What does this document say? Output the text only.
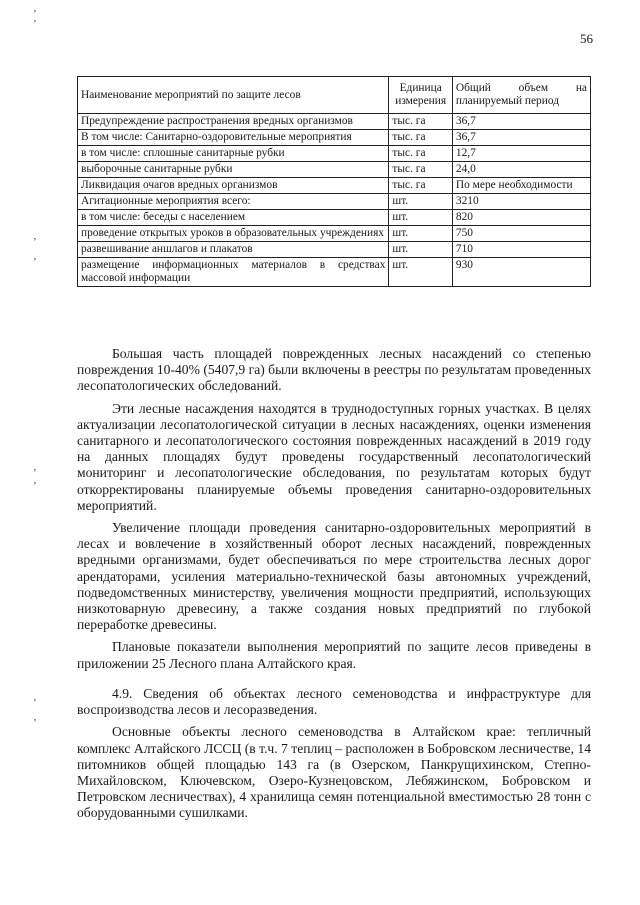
56
ʼ
ʼ
ʼ
ʼ
ʼ
ʼ
ʼ
ʼ
Наименование мероприятий по защите лесов	Единица измерения	Общий объем на планируемый период
Предупреждение распространения вредных организмов	тыс. га	36,7
В том числе: Санитарно-оздоровительные мероприятия	тыс. га	36,7
в том числе: сплошные санитарные рубки	тыс. га	12,7
выборочные санитарные рубки	тыс. га	24,0
Ликвидация очагов вредных организмов	тыс. га	По мере необходимости
Агитационные мероприятия всего:	шт.	3210
в том числе: беседы с населением	шт.	820
проведение открытых уроков в образовательных учреждениях	шт.	750
развешивание аншлагов и плакатов	шт.	710
размещение информационных материалов в средствах массовой информации	шт.	930

Большая часть площадей поврежденных лесных насаждений со степенью повреждения 10-40% (5407,9 га) были включены в реестры по результатам проведенных лесопатологических обследований.

Эти лесные насаждения находятся в труднодоступных горных участках. В целях актуализации лесопатологической ситуации в лесных насаждениях, оценки изменения санитарного и лесопатологического состояния поврежденных насаждений в 2019 году на данных площадях будут проведены государственный лесопатологический мониторинг и лесопатологические обследования, по результатам которых будут откорректированы планируемые объемы проведения санитарно-оздоровительных мероприятий.

Увеличение площади проведения санитарно-оздоровительных мероприятий в лесах и вовлечение в хозяйственный оборот лесных насаждений, поврежденных вредными организмами, будет обеспечиваться по мере строительства лесных дорог арендаторами, усиления материально-технической базы автономных учреждений, подведомственных министерству, увеличения мощности предприятий, использующих низкотоварную древесину, а также создания новых предприятий по глубокой переработке древесины.

Плановые показатели выполнения мероприятий по защите лесов приведены в приложении 25 Лесного плана Алтайского края.

4.9. Сведения об объектах лесного семеноводства и инфраструктуре для воспроизводства лесов и лесоразведения.

Основные объекты лесного семеноводства в Алтайском крае: тепличный комплекс Алтайского ЛССЦ (в т.ч. 7 теплиц – расположен в Бобровском лесничестве, 14 питомников общей площадью 143 га (в Озерском, Панкрущихинском, Степно-Михайловском, Ключевском, Озеро-Кузнецовском, Лебяжинском, Бобровском и Петровском лесничествах), 4 хранилища семян потенциальной вместимостью 28 тонн с оборудованными сушилками.
